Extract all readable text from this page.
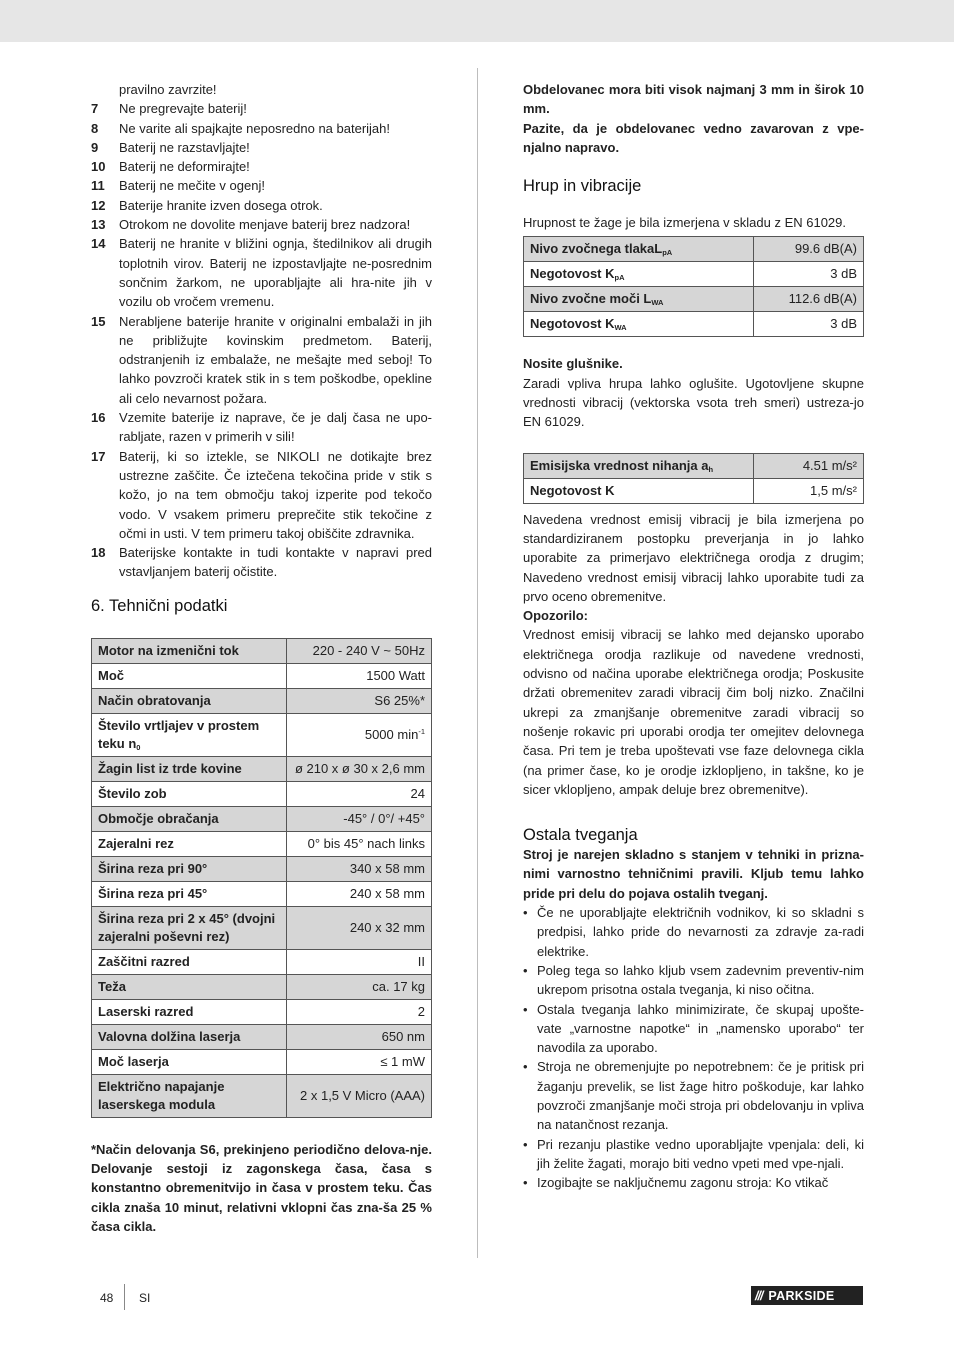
pravilno zavrzite!
7	Ne pregrevajte baterij!
8	Ne varite ali spajkajte neposredno na baterijah!
9	Baterij ne razstavljajte!
10	Baterij ne deformirajte!
11	Baterij ne mečite v ogenj!
12	Baterije hranite izven dosega otrok.
13	Otrokom ne dovolite menjave baterij brez nadzora!
14	Baterij ne hranite v bližini ognja, štedilnikov ali drugih toplotnih virov. Baterij ne izpostavljajte ne-posrednim sončnim žarkom, ne uporabljajte ali hra-nite jih v vozilu ob vročem vremenu.
15	Nerabljene baterije hranite v originalni embalaži in jih ne približujte kovinskim predmetom. Baterij, odstranjenih iz embalaže, ne mešajte med seboj! To lahko povzroči kratek stik in s tem poškodbe, opekline ali celo nevarnost požara.
16	Vzemite baterije iz naprave, če je dalj časa ne upo-rabljate, razen v primerih v sili!
17	Baterij, ki so iztekle, se NIKOLI ne dotikajte brez ustrezne zaščite. Če iztečena tekočina pride v stik s kožo, jo na tem območju takoj izperite pod tekočo vodo. V vsakem primeru preprečite stik tekočine z očmi in usti. V tem primeru takoj obiščite zdravnika.
18	Baterijske kontakte in tudi kontakte v napravi pred vstavljanjem baterij očistite.
6. Tehnični podatki
Motor na izmenični tok	220 - 240 V ~ 50Hz
Moč	1500 Watt
Način obratovanja	S6 25%*
Število vrtljajev v prostem teku $n_0$	5000 $\min^{-1}$
Žagin list iz trde kovine	ø 210 x ø 30 x 2,6 mm
Število zob	24
Območje obračanja	-45° / 0°/ +45°
Zajeralni rez	0° bis 45° nach links
Širina reza pri 90°	340 x 58 mm
Širina reza pri 45°	240 x 58 mm
Širina reza pri 2 x 45° (dvojni zajeralni poševni rez)	240 x 32 mm
Zaščitni razred	II
Teža	ca. 17 kg
Laserski razred	2
Valovna dolžina laserja	650 nm
Moč laserja	≤ 1 mW
Električno napajanje laserskega modula	2 x 1,5 V Micro (AAA)
*Način delovanja S6, prekinjeno periodično delova-nje. Delovanje sestoji iz zagonskega časa, časa s konstantno obremenitvijo in časa v prostem teku. Čas cikla znaša 10 minut, relativni vklopni čas zna-ša 25 % časa cikla.
Obdelovanec mora biti visok najmanj 3 mm in širok 10 mm.
Pazite, da je obdelovanec vedno zavarovan z vpe-njalno napravo.
Hrup in vibracije
Hrupnost te žage je bila izmerjena v skladu z EN 61029.
Nivo zvočnega tlakaL$_{pA}$	99.6 dB(A)
Negotovost $K_{pA}$	3 dB
Nivo zvočne moči $L_{WA}$	112.6 dB(A)
Negotovost $K_{WA}$	3 dB
Nosite glušnike.
Zaradi vpliva hrupa lahko oglušite. Ugotovljene skupne vrednosti vibracij (vektorska vsota treh smeri) ustreza-jo EN 61029.
Emisijska vrednost nihanja $a_h$	4.51 m/s²
Negotovost K	1,5 m/s²
Navedena vrednost emisij vibracij je bila izmerjena po standardiziranem postopku preverjanja in jo lahko uporabite za primerjavo električnega orodja z drugim; Navedeno vrednost emisij vibracij lahko uporabite tudi za prvo oceno obremenitve.
Opozorilo:
Vrednost emisij vibracij se lahko med dejansko uporabo električnega orodja razlikuje od navedene vrednosti, odvisno od načina uporabe električnega orodja; Poskusite držati obremenitev zaradi vibracij čim bolj nizko. Značilni ukrepi za zmanjšanje obremenitve zaradi vibracij so nošenje rokavic pri uporabi orodja ter omejitev delovnega časa. Pri tem je treba upoštevati vse faze delovnega cikla (na primer čase, ko je orodje izklopljeno, in takšne, ko je sicer vklopljeno, ampak deluje brez obremenitve).
Ostala tveganja
Stroj je narejen skladno s stanjem v tehniki in prizna-nimi varnostno tehničnimi pravili. Kljub temu lahko pride pri delu do pojava ostalih tveganj.
• Če ne uporabljajte električnih vodnikov, ki so skladni s predpisi, lahko pride do nevarnosti za zdravje za-radi elektrike.
• Poleg tega so lahko kljub vsem zadevnim preventiv-nim ukrepom prisotna ostala tveganja, ki niso očitna.
• Ostala tveganja lahko minimizirate, če skupaj upošte-vate „varnostne napotke“ in „namensko uporabo“ ter navodila za uporabo.
• Stroja ne obremenjujte po nepotrebnem: če je pritisk pri žaganju prevelik, se list žage hitro poškoduje, kar lahko povzroči zmanjšanje moči stroja pri obdelovanju in vpliva na natančnost rezanja.
• Pri rezanju plastike vedno uporabljajte vpenjala: deli, ki jih želite žagati, morajo biti vedno vpeti med vpe-njali.
• Izogibajte se naključnemu zagonu stroja: Ko vtikač
48 SI	/// PARKSIDE
